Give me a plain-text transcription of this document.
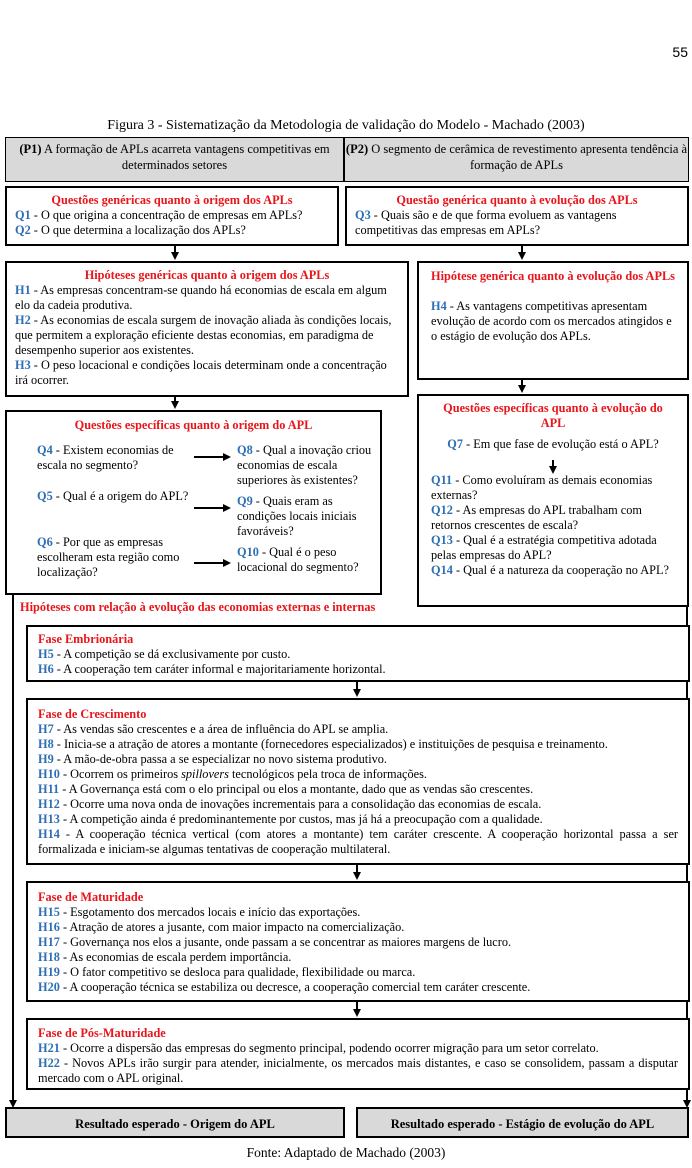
55
Figura 3 - Sistematização da Metodologia de validação do Modelo - Machado (2003)
(P1) A formação de APLs acarreta vantagens competitivas em determinados setores
(P2) O segmento de cerâmica de revestimento apresenta tendência à formação de APLs

Questões genéricas quanto à origem dos APLs

Q1 - O que origina a concentração de empresas em APLs?

Q2 - O que determina a localização dos APLs?

Questão genérica quanto à evolução dos APLs

Q3 - Quais são e de que forma evoluem as vantagens competitivas das empresas em APLs?

Hipóteses genéricas quanto à origem dos APLs

H1 - As empresas concentram-se quando há economias de escala em algum elo da cadeia produtiva.

H2 - As economias de escala surgem de inovação aliada às condições locais, que permitem a exploração eficiente destas economias, em paradigma de desempenho superior aos existentes.

H3 - O peso locacional e condições locais determinam onde a concentração irá ocorrer.

Hipótese genérica quanto à evolução dos APLs

H4 - As vantagens competitivas apresentam evolução de acordo com os mercados atingidos e o estágio de evolução dos APLs.

Questões específicas quanto à origem do APL

Q4 - Existem economias de escala no segmento?

Q5 - Qual é a origem do APL?

Q6 - Por que as empresas escolheram esta região como localização?

Q8 - Qual a inovação criou economias de escala superiores às existentes?

Q9 - Quais eram as condições locais iniciais favoráveis?

Q10 - Qual é o peso locacional do segmento?

Questões específicas quanto à evolução do APL

Q7 - Em que fase de evolução está o APL?

Q11 - Como evoluíram as demais economias externas?

Q12 - As empresas do APL trabalham com retornos crescentes de escala?

Q13 - Qual é a estratégia competitiva adotada pelas empresas do APL?

Q14 - Qual é a natureza da cooperação no APL?

Hipóteses com relação à evolução das economias externas e internas

Fase Embrionária

H5 - A competição se dá exclusivamente por custo.

H6 - A cooperação tem caráter informal e majoritariamente horizontal.

Fase de Crescimento

H7 - As vendas são crescentes e a área de influência do APL se amplia.

H8 - Inicia-se a atração de atores a montante (fornecedores especializados) e instituições de pesquisa e treinamento.

H9 - A mão-de-obra passa a se especializar no novo sistema produtivo.

H10 - Ocorrem os primeiros spillovers tecnológicos pela troca de informações.

H11 - A Governança está com o elo principal ou elos a montante, dado que as vendas são crescentes.

H12 - Ocorre uma nova onda de inovações incrementais para a consolidação das economias de escala.

H13 - A competição ainda é predominantemente por custos, mas já há a preocupação com a qualidade.

H14 - A cooperação técnica vertical (com atores a montante) tem caráter crescente. A cooperação horizontal passa a ser formalizada e iniciam-se algumas tentativas de cooperação multilateral.

Fase de Maturidade

H15 - Esgotamento dos mercados locais e início das exportações.

H16 - Atração de atores a jusante, com maior impacto na comercialização.

H17 - Governança nos elos a jusante, onde passam a se concentrar as maiores margens de lucro.

H18 - As economias de escala perdem importância.

H19 - O fator competitivo se desloca para qualidade, flexibilidade ou marca.

H20 - A cooperação técnica se estabiliza ou decresce, a cooperação comercial tem caráter crescente.

Fase de Pós-Maturidade

H21 - Ocorre a dispersão das empresas do segmento principal, podendo ocorrer migração para um setor correlato.

H22 - Novos APLs irão surgir para atender, inicialmente, os mercados mais distantes, e caso se consolidem, passam a disputar mercado com o APL original.

Resultado esperado - Origem do APL	Resultado esperado - Estágio de evolução do APL
Fonte: Adaptado de Machado (2003)
